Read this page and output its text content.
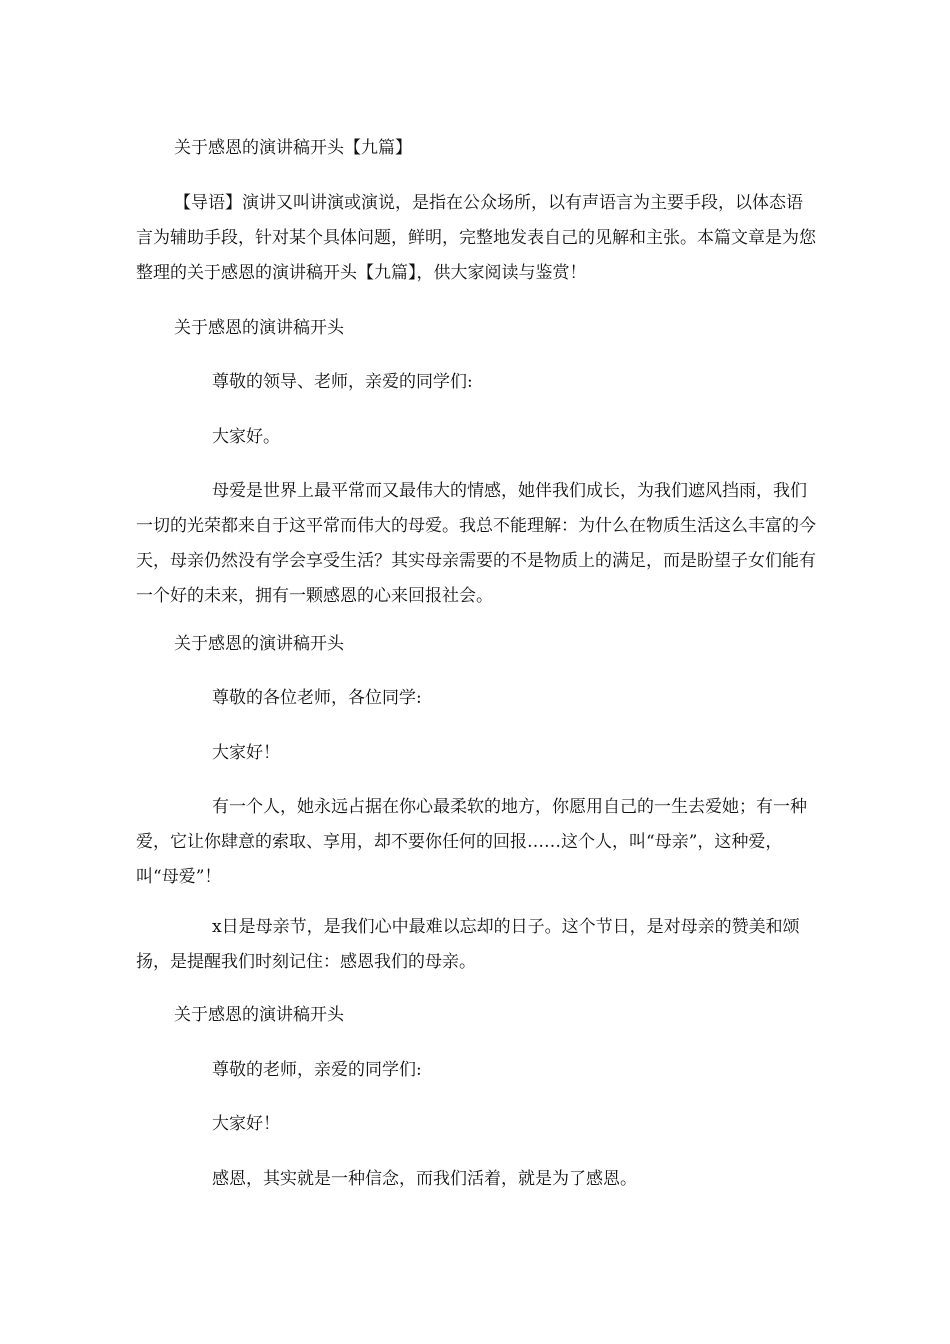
关于感恩的演讲稿开头【九篇】

【导语】演讲又叫讲演或演说，是指在公众场所，以有声语言为主要手段，以体态语言为辅助手段，针对某个具体问题，鲜明，完整地发表自己的见解和主张。本篇文章是为您整理的关于感恩的演讲稿开头【九篇】，供大家阅读与鉴赏！

关于感恩的演讲稿开头

尊敬的领导、老师，亲爱的同学们:

大家好。

母爱是世界上最平常而又最伟大的情感，她伴我们成长，为我们遮风挡雨，我们一切的光荣都来自于这平常而伟大的母爱。我总不能理解：为什么在物质生活这么丰富的今天，母亲仍然没有学会享受生活？其实母亲需要的不是物质上的满足，而是盼望子女们能有一个好的未来，拥有一颗感恩的心来回报社会。

关于感恩的演讲稿开头

尊敬的各位老师，各位同学:

大家好！

有一个人，她永远占据在你心最柔软的地方，你愿用自己的一生去爱她；有一种爱，它让你肆意的索取、享用，却不要你任何的回报……这个人，叫“母亲”，这种爱，叫“母爱”！

x日是母亲节，是我们心中最难以忘却的日子。这个节日，是对母亲的赞美和颂扬，是提醒我们时刻记住：感恩我们的母亲。

关于感恩的演讲稿开头

尊敬的老师，亲爱的同学们:

大家好！

感恩，其实就是一种信念，而我们活着，就是为了感恩。
